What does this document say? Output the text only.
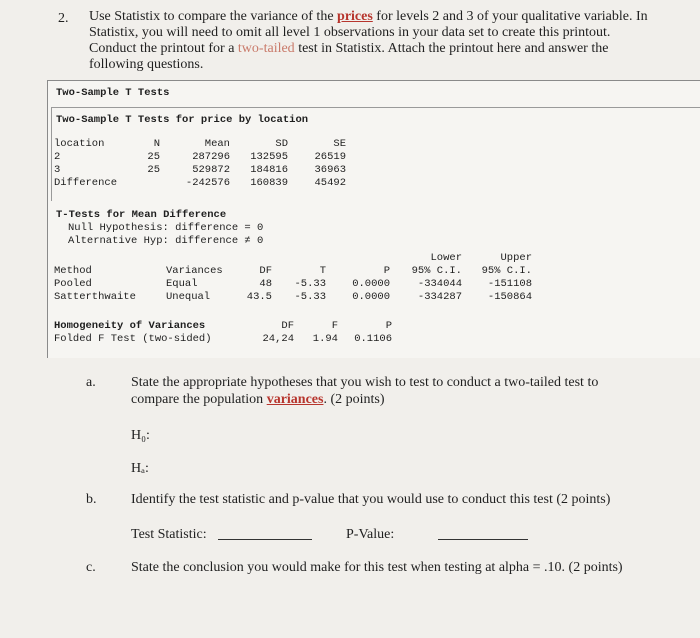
2. Use Statistix to compare the variance of the prices for levels 2 and 3 of your qualitative variable. In Statistix, you will need to omit all level 1 observations in your data set to create this printout. Conduct the printout for a two-tailed test in Statistix. Attach the printout here and answer the following questions.
Two-Sample T Tests
Two-Sample T Tests for price by location
location	N	Mean	SD	SE
2	25	287296	132595	26519
3	25	529872	184816	36963
Difference		-242576	160839	45492
T-Tests for Mean Difference
Null Hypothesis: difference = 0
Alternative Hyp: difference ≠ 0
					Lower	Upper
Method	Variances	DF	T	P	95% C.I.	95% C.I.
Pooled	Equal	48	-5.33	0.0000	-334044	-151108
Satterthwaite	Unequal	43.5	-5.33	0.0000	-334287	-150864
Homogeneity of Variances	DF	F	P
Folded F Test (two-sided)	24,24	1.94	0.1106
a.	State the appropriate hypotheses that you wish to test to conduct a two-tailed test to
compare the population variances. (2 points)
H₀:
Hₐ:
b. Identify the test statistic and p-value that you would use to conduct this test (2 points)
Test Statistic:	P-Value:
c.	State the conclusion you would make for this test when testing at alpha = .10. (2 points)
